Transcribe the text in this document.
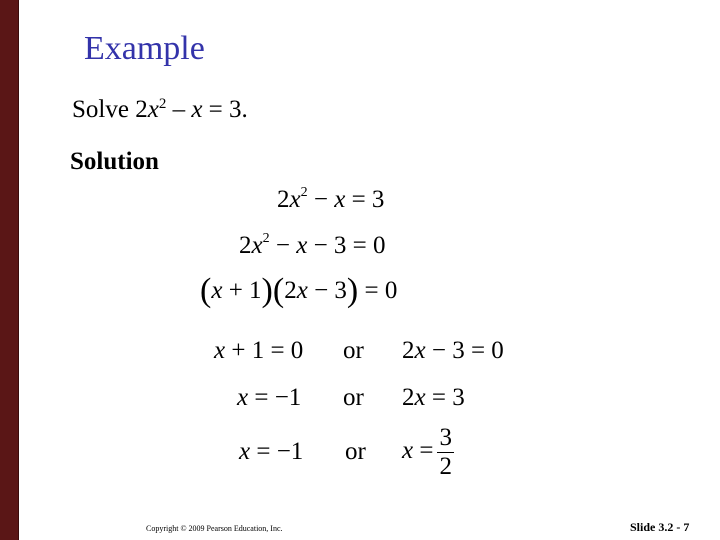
Example
Solve $2x^2 - x = 3$.
Solution
$2x^2 - x = 3$
$2x^2 - x - 3 = 0$
(x + 1)(2x − 3) = 0
x + 1 = 0 or 2x − 3 = 0
x = −1 or 2x = 3
x = −1 or $x = \frac{3}{2}$
Copyright © 2009 Pearson Education, Inc.	Slide 3.2 - 7
